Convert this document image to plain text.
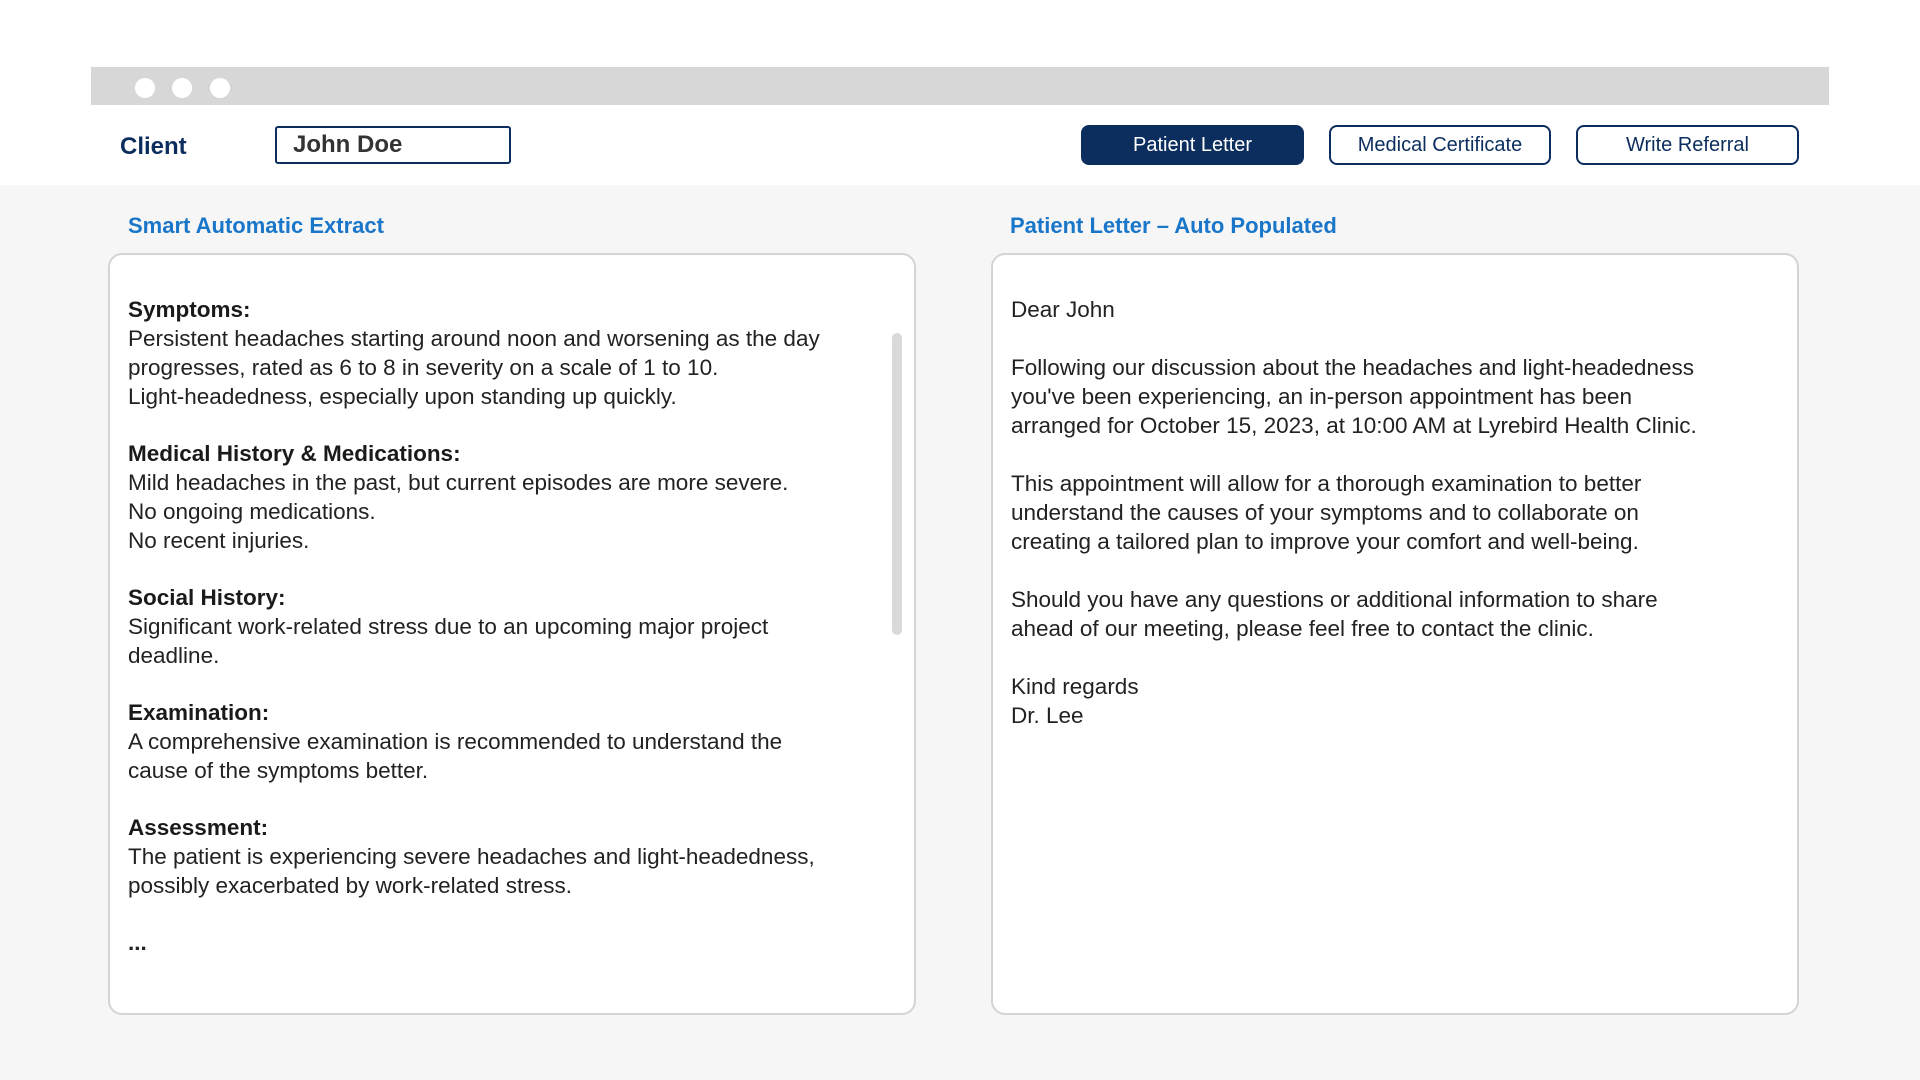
Client
John Doe	Patient Letter	Medical Certificate	Write Referral
Smart Automatic Extract
Symptoms:
Persistent headaches starting around noon and worsening as the day
progresses, rated as 6 to 8 in severity on a scale of 1 to 10.
Light-headedness, especially upon standing up quickly.
Medical History & Medications:
Mild headaches in the past, but current episodes are more severe.
No ongoing medications.
No recent injuries.
Social History:
Significant work-related stress due to an upcoming major project
deadline.
Examination:
A comprehensive examination is recommended to understand the
cause of the symptoms better.
Assessment:
The patient is experiencing severe headaches and light-headedness,
possibly exacerbated by work-related stress.
...
Patient Letter – Auto Populated
Dear John
Following our discussion about the headaches and light-headedness
you've been experiencing, an in-person appointment has been
arranged for October 15, 2023, at 10:00 AM at Lyrebird Health Clinic.
This appointment will allow for a thorough examination to better
understand the causes of your symptoms and to collaborate on
creating a tailored plan to improve your comfort and well-being.
Should you have any questions or additional information to share
ahead of our meeting, please feel free to contact the clinic.
Kind regards
Dr. Lee
